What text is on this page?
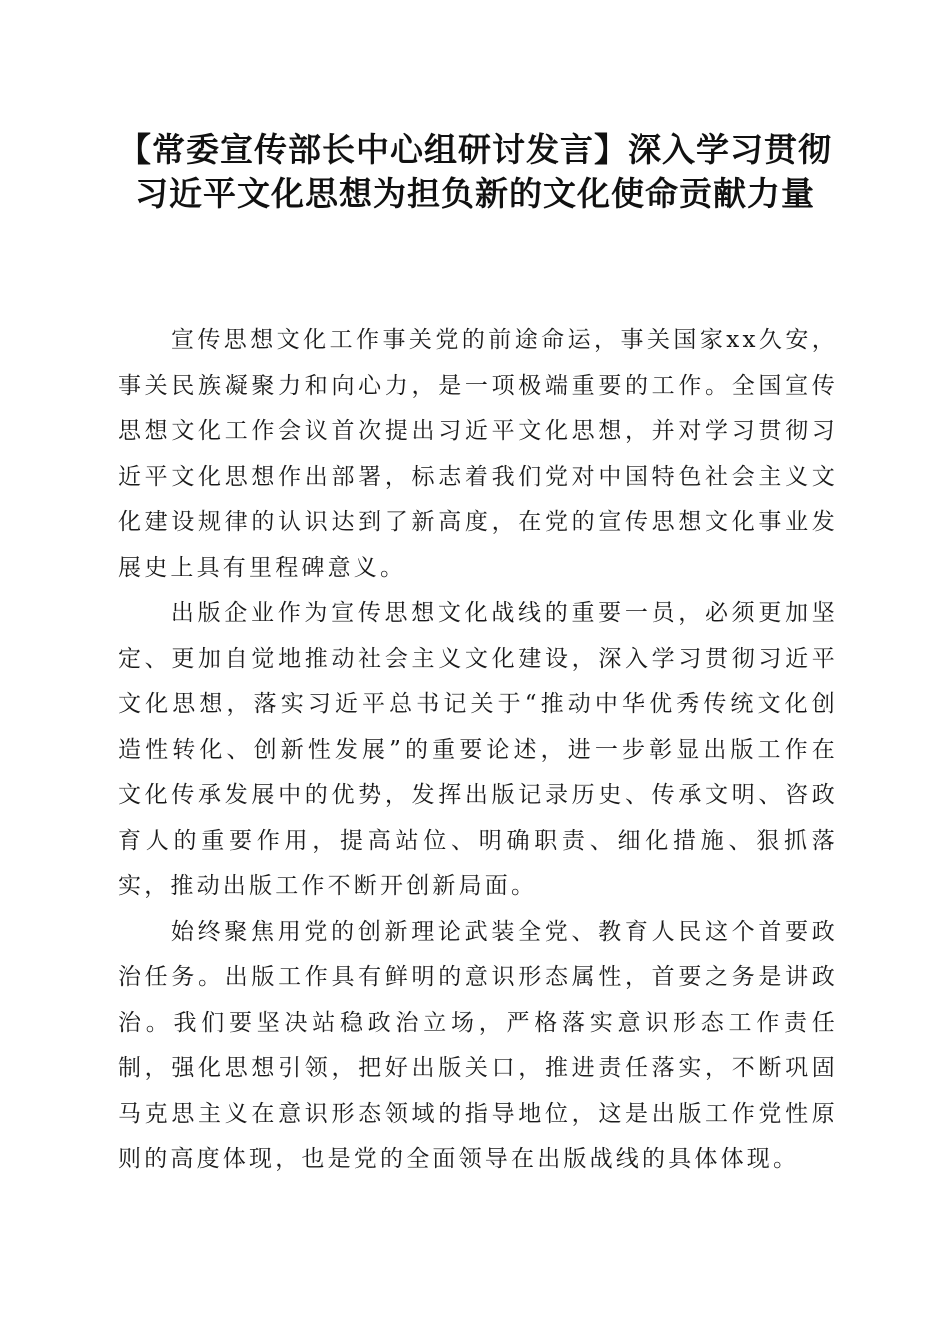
【常委宣传部长中心组研讨发言】深入学习贯彻习近平文化思想为担负新的文化使命贡献力量

宣传思想文化工作事关党的前途命运，事关国家xx久安，事关民族凝聚力和向心力，是一项极端重要的工作。全国宣传思想文化工作会议首次提出习近平文化思想，并对学习贯彻习近平文化思想作出部署，标志着我们党对中国特色社会主义文化建设规律的认识达到了新高度，在党的宣传思想文化事业发展史上具有里程碑意义。

出版企业作为宣传思想文化战线的重要一员，必须更加坚定、更加自觉地推动社会主义文化建设，深入学习贯彻习近平文化思想，落实习近平总书记关于“推动中华优秀传统文化创造性转化、创新性发展”的重要论述，进一步彰显出版工作在文化传承发展中的优势，发挥出版记录历史、传承文明、咨政育人的重要作用，提高站位、明确职责、细化措施、狠抓落实，推动出版工作不断开创新局面。

始终聚焦用党的创新理论武装全党、教育人民这个首要政治任务。出版工作具有鲜明的意识形态属性，首要之务是讲政治。我们要坚决站稳政治立场，严格落实意识形态工作责任制，强化思想引领，把好出版关口，推进责任落实，不断巩固马克思主义在意识形态领域的指导地位，这是出版工作党性原则的高度体现，也是党的全面领导在出版战线的具体体现。
